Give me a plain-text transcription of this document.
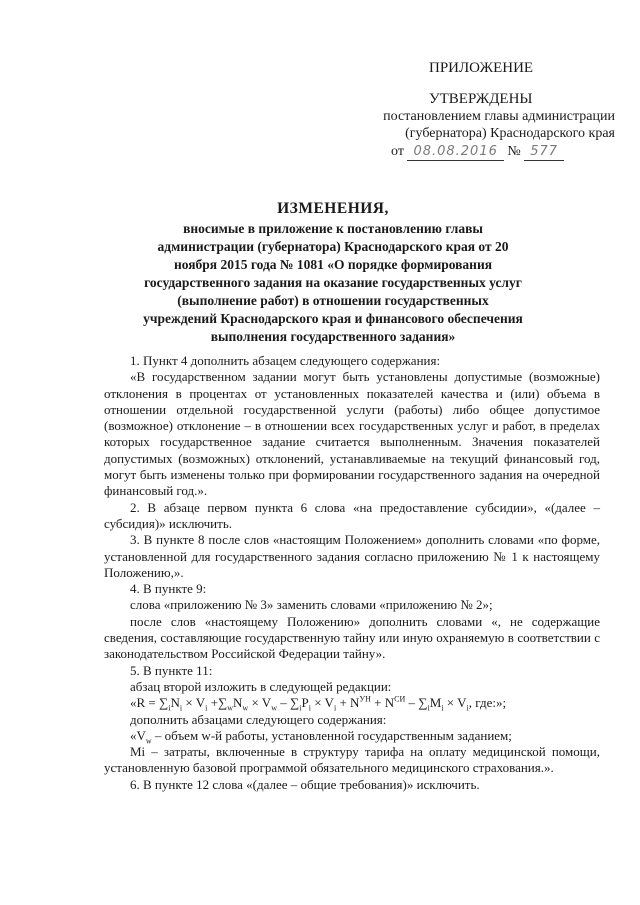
ПРИЛОЖЕНИЕ
УТВЕРЖДЕНЫ
постановлением главы администрации
(губернатора) Краснодарского края
от 08.08.2016 № 577
ИЗМЕНЕНИЯ,
вносимые в приложение к постановлению главы администрации (губернатора) Краснодарского края от 20 ноября 2015 года № 1081 «О порядке формирования государственного задания на оказание государственных услуг (выполнение работ) в отношении государственных учреждений Краснодарского края и финансового обеспечения выполнения государственного задания»

1. Пункт 4 дополнить абзацем следующего содержания:

«В государственном задании могут быть установлены допустимые (возможные) отклонения в процентах от установленных показателей качества и (или) объема в отношении отдельной государственной услуги (работы) либо общее допустимое (возможное) отклонение – в отношении всех государственных услуг и работ, в пределах которых государственное задание считается выполненным. Значения показателей допустимых (возможных) отклонений, устанавливаемые на текущий финансовый год, могут быть изменены только при формировании государственного задания на очередной финансовый год.».

2. В абзаце первом пункта 6 слова «на предоставление субсидии», «(далее – субсидия)» исключить.

3. В пункте 8 после слов «настоящим Положением» дополнить словами «по форме, установленной для государственного задания согласно приложению № 1 к настоящему Положению,».

4. В пункте 9:

слова «приложению № 3» заменить словами «приложению № 2»;

после слов «настоящему Положению» дополнить словами «, не содержащие сведения, составляющие государственную тайну или иную охраняемую в соответствии с законодательством Российской Федерации тайну».

5. В пункте 11:

абзац второй изложить в следующей редакции:

«$R = \sum_iN_i \times V_i +\sum_wN_w \times V_w - \sum_iP_i \times V_i + N^{УН} + N^{СИ} - \sum_iM_i \times V_i$, где:»;

дополнить абзацами следующего содержания:

«$V_w$ – объем w-й работы, установленной государственным заданием;

Mi – затраты, включенные в структуру тарифа на оплату медицинской помощи, установленную базовой программой обязательного медицинского страхования.».

6. В пункте 12 слова «(далее – общие требования)» исключить.
